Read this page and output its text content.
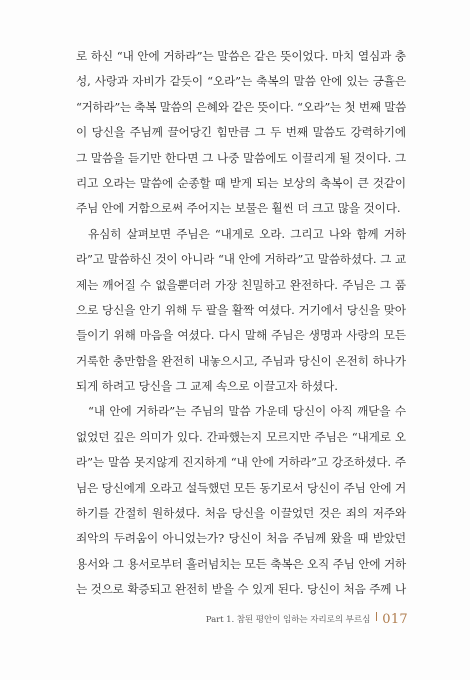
로 하신 “내 안에 거하라”는 말씀은 같은 뜻이었다. 마치 열심과 충
성, 사랑과 자비가 같듯이 “오라”는 축복의 말씀 안에 있는 긍휼은
“거하라”는 축복 말씀의 은혜와 같은 뜻이다. “오라”는 첫 번째 말씀
이 당신을 주님께 끌어당긴 힘만큼 그 두 번째 말씀도 강력하기에
그 말씀을 듣기만 한다면 그 나중 말씀에도 이끌리게 될 것이다. 그
리고 오라는 말씀에 순종할 때 받게 되는 보상의 축복이 큰 것같이
주님 안에 거함으로써 주어지는 보물은 훨씬 더 크고 많을 것이다.
유심히 살펴보면 주님은 “내게로 오라. 그리고 나와 함께 거하
라”고 말씀하신 것이 아니라 “내 안에 거하라”고 말씀하셨다. 그 교
제는 깨어질 수 없을뿐더러 가장 친밀하고 완전하다. 주님은 그 품
으로 당신을 안기 위해 두 팔을 활짝 여셨다. 거기에서 당신을 맞아
들이기 위해 마음을 여셨다. 다시 말해 주님은 생명과 사랑의 모든
거룩한 충만함을 완전히 내놓으시고, 주님과 당신이 온전히 하나가
되게 하려고 당신을 그 교제 속으로 이끌고자 하셨다.
“내 안에 거하라”는 주님의 말씀 가운데 당신이 아직 깨닫을 수
없었던 깊은 의미가 있다. 간파했는지 모르지만 주님은 “내게로 오
라”는 말씀 못지않게 진지하게 “내 안에 거하라”고 강조하셨다. 주
님은 당신에게 오라고 설득했던 모든 동기로서 당신이 주님 안에 거
하기를 간절히 원하셨다. 처음 당신을 이끌었던 것은 죄의 저주와
죄악의 두려움이 아니었는가? 당신이 처음 주님께 왔을 때 받았던
용서와 그 용서로부터 흘러넘치는 모든 축복은 오직 주님 안에 거하
는 것으로 확증되고 완전히 받을 수 있게 된다. 당신이 처음 주께 나
Part 1. 참된 평안이 임하는 자리로의 부르심 017
